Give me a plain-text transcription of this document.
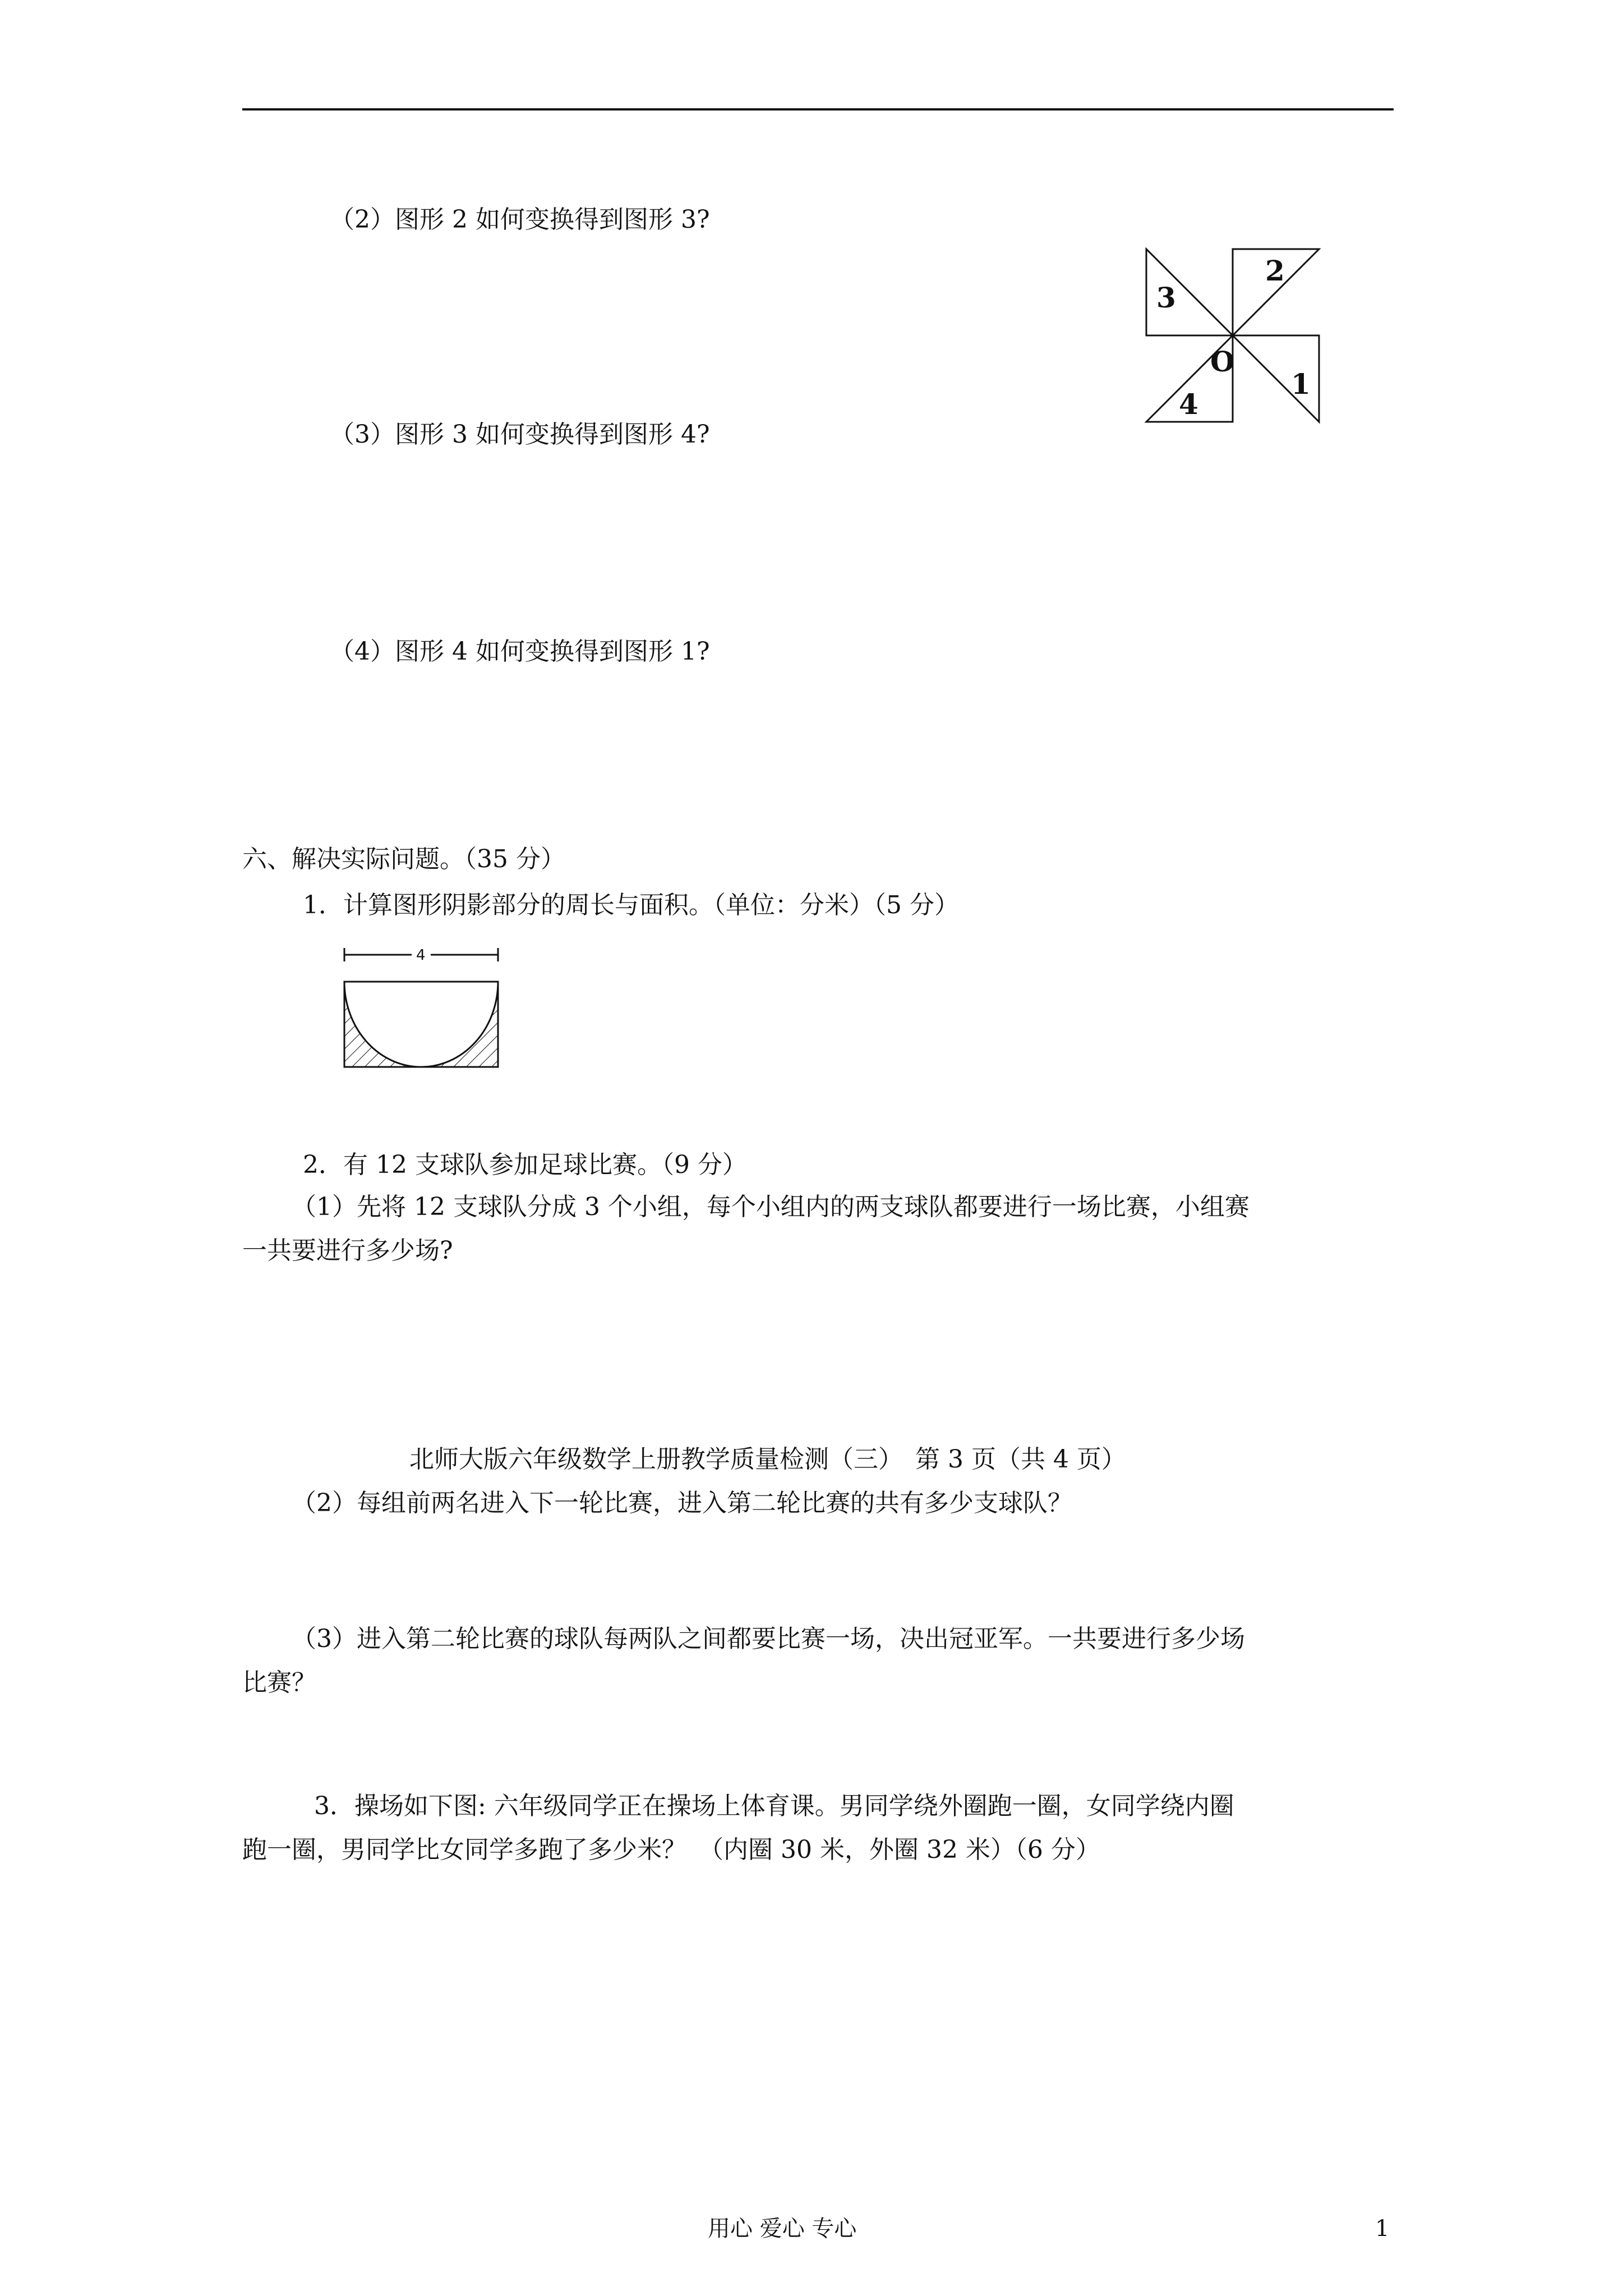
（2）图形 2 如何变换得到图形 3?
（3）图形 3 如何变换得到图形 4?
（4）图形 4 如何变换得到图形 1?
2
3
O
1
4
六、解决实际问题。（35 分）
1．计算图形阴影部分的周长与面积。（单位：分米）（5 分）
4
2．有 12 支球队参加足球比赛。（9 分）
（1）先将 12 支球队分成 3 个小组，每个小组内的两支球队都要进行一场比赛，小组赛
一共要进行多少场?
北师大版六年级数学上册教学质量检测（三）　第 3 页（共 4 页）
（2）每组前两名进入下一轮比赛，进入第二轮比赛的共有多少支球队？
（3）进入第二轮比赛的球队每两队之间都要比赛一场，决出冠亚军。一共要进行多少场
比赛？
3．操场如下图: 六年级同学正在操场上体育课。男同学绕外圈跑一圈，女同学绕内圈
跑一圈，男同学比女同学多跑了多少米？　（内圈 30 米，外圈 32 米）（6 分）
用心 爱心 专心	1
